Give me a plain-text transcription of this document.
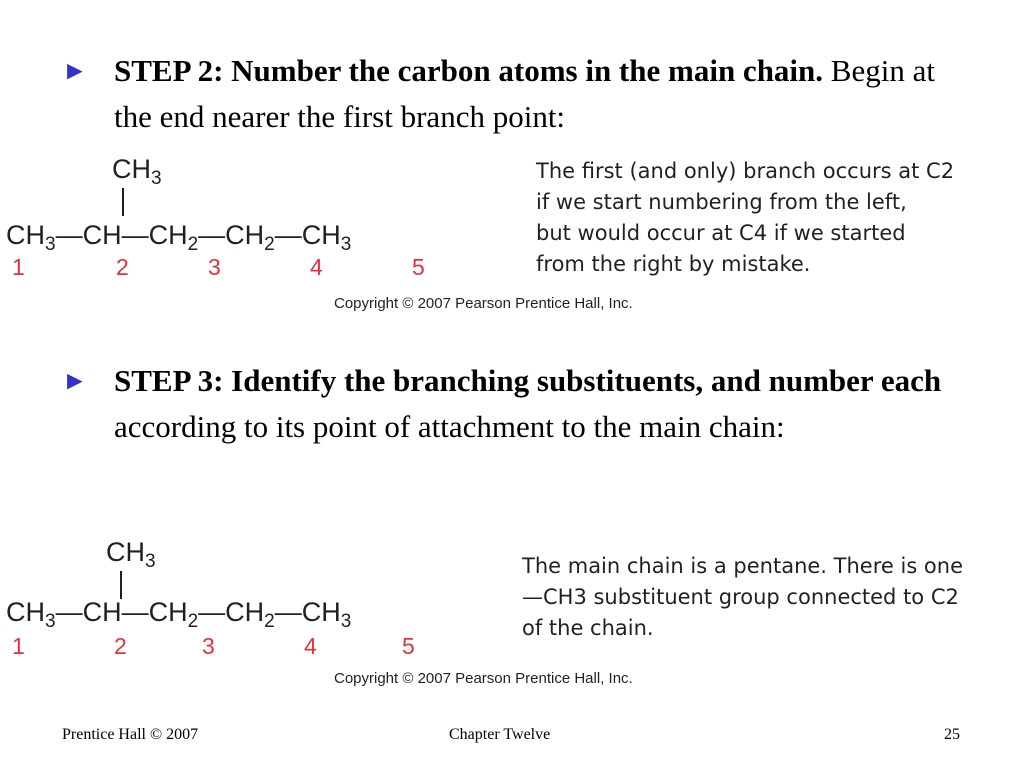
► STEP 2: Number the carbon atoms in the main chain. Begin at the end nearer the first branch point:
$CH_3$
$CH_3—CH—CH_2—CH_2—CH_3$
1	2	3	4	5
The first (and only) branch occurs at C2
if we start numbering from the left,
but would occur at C4 if we started
from the right by mistake.
Copyright © 2007 Pearson Prentice Hall, Inc.
► STEP 3: Identify the branching substituents, and number each according to its point of attachment to the main chain:
$CH_3$
$CH_3—CH—CH_2—CH_2—CH_3$
1	2	3	4	5
The main chain is a pentane. There is one
—CH3 substituent group connected to C2
of the chain.
Copyright © 2007 Pearson Prentice Hall, Inc.
Prentice Hall © 2007	Chapter Twelve	25
